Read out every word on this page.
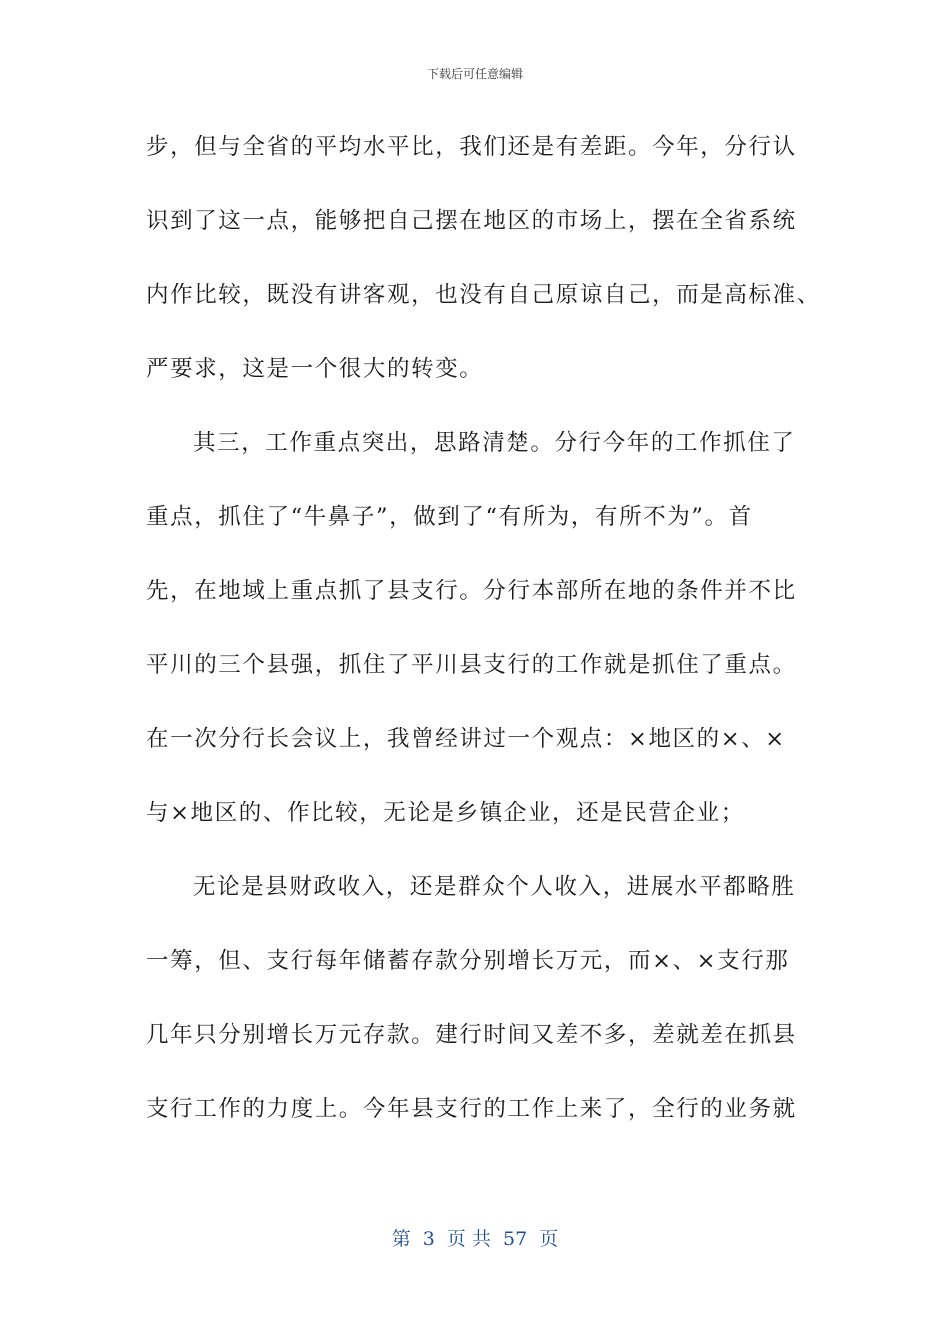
下载后可任意编辑
步，但与全省的平均水平比，我们还是有差距。今年，分行认
识到了这一点，能够把自己摆在地区的市场上，摆在全省系统
内作比较，既没有讲客观，也没有自己原谅自己，而是高标准、
严要求，这是一个很大的转变。
其三，工作重点突出，思路清楚。分行今年的工作抓住了
重点，抓住了“牛鼻子”，做到了“有所为，有所不为”。首
先，在地域上重点抓了县支行。分行本部所在地的条件并不比
平川的三个县强，抓住了平川县支行的工作就是抓住了重点。
在一次分行长会议上，我曾经讲过一个观点：×地区的×、×
与×地区的、作比较，无论是乡镇企业，还是民营企业；
无论是县财政收入，还是群众个人收入，进展水平都略胜
一筹，但、支行每年储蓄存款分别增长万元，而×、×支行那
几年只分别增长万元存款。建行时间又差不多，差就差在抓县
支行工作的力度上。今年县支行的工作上来了，全行的业务就
第  3  页 共  57  页
